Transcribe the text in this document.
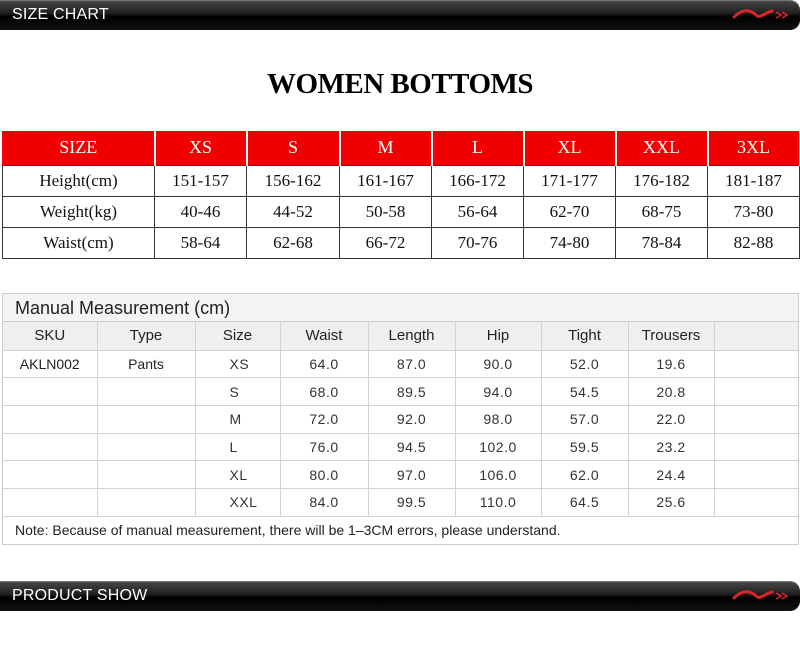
SIZE CHART
WOMEN BOTTOMS
SIZE	XS	S	M	L	XL	XXL	3XL
Height(cm)	151-157	156-162	161-167	166-172	171-177	176-182	181-187
Weight(kg)	40-46	44-52	50-58	56-64	62-70	68-75	73-80
Waist(cm)	58-64	62-68	66-72	70-76	74-80	78-84	82-88
Manual Measurement (cm)
SKU	Type	Size	Waist	Length	Hip	Tight	Trousers	
AKLN002	Pants	XS	64.0	87.0	90.0	52.0	19.6	
		S	68.0	89.5	94.0	54.5	20.8	
		M	72.0	92.0	98.0	57.0	22.0	
		L	76.0	94.5	102.0	59.5	23.2	
		XL	80.0	97.0	106.0	62.0	24.4	
		XXL	84.0	99.5	110.0	64.5	25.6	
Note: Because of manual measurement, there will be 1–3CM errors, please understand.
PRODUCT SHOW
